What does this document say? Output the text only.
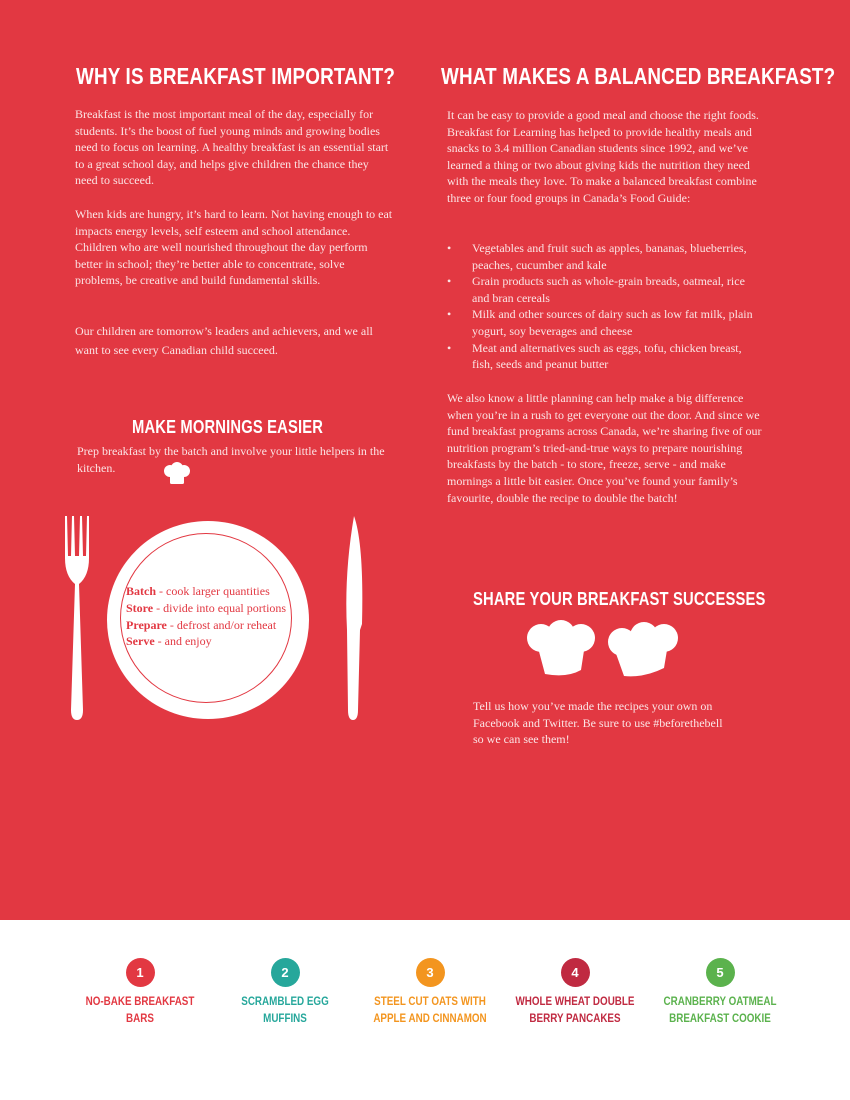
WHY IS BREAKFAST IMPORTANT?

Breakfast is the most important meal of the day, especially for students. It’s the boost of fuel young minds and growing bodies need to focus on learning. A healthy breakfast is an essential start to a great school day, and helps give children the chance they need to succeed.

When kids are hungry, it’s hard to learn. Not having enough to eat impacts energy levels, self esteem and school attendance. Children who are well nourished throughout the day perform better in school; they’re better able to concentrate, solve problems, be creative and build fundamental skills.

Our children are tomorrow’s leaders and achievers, and we all want to see every Canadian child succeed.

WHAT MAKES A BALANCED BREAKFAST?

It can be easy to provide a good meal and choose the right foods. Breakfast for Learning has helped to provide healthy meals and snacks to 3.4 million Canadian students since 1992, and we’ve learned a thing or two about giving kids the nutrition they need with the meals they love. To make a balanced breakfast combine three or four food groups in Canada’s Food Guide:

• Vegetables and fruit such as apples, bananas, blueberries, peaches, cucumber and kale
• Grain products such as whole-grain breads, oatmeal, rice and bran cereals
• Milk and other sources of dairy such as low fat milk, plain yogurt, soy beverages and cheese
• Meat and alternatives such as eggs, tofu, chicken breast, fish, seeds and peanut butter

We also know a little planning can help make a big difference when you’re in a rush to get everyone out the door. And since we fund breakfast programs across Canada, we’re sharing five of our nutrition program’s tried-and-true ways to prepare nourishing breakfasts by the batch - to store, freeze, serve - and make mornings a little bit easier. Once you’ve found your family’s favourite, double the recipe to double the batch!

MAKE MORNINGS EASIER

Prep breakfast by the batch and involve your little helpers in the kitchen.

Batch - cook larger quantities
Store - divide into equal portions
Prepare - defrost and/or reheat
Serve - and enjoy
SHARE YOUR BREAKFAST SUCCESSES

Tell us how you’ve made the recipes your own on Facebook and Twitter. Be sure to use #beforethebell so we can see them!

1
NO-BAKE BREAKFAST BARS
2
SCRAMBLED EGG MUFFINS
3
STEEL CUT OATS WITH
APPLE AND CINNAMON
4
WHOLE WHEAT DOUBLE
BERRY PANCAKES
5
CRANBERRY OATMEAL
BREAKFAST COOKIE
